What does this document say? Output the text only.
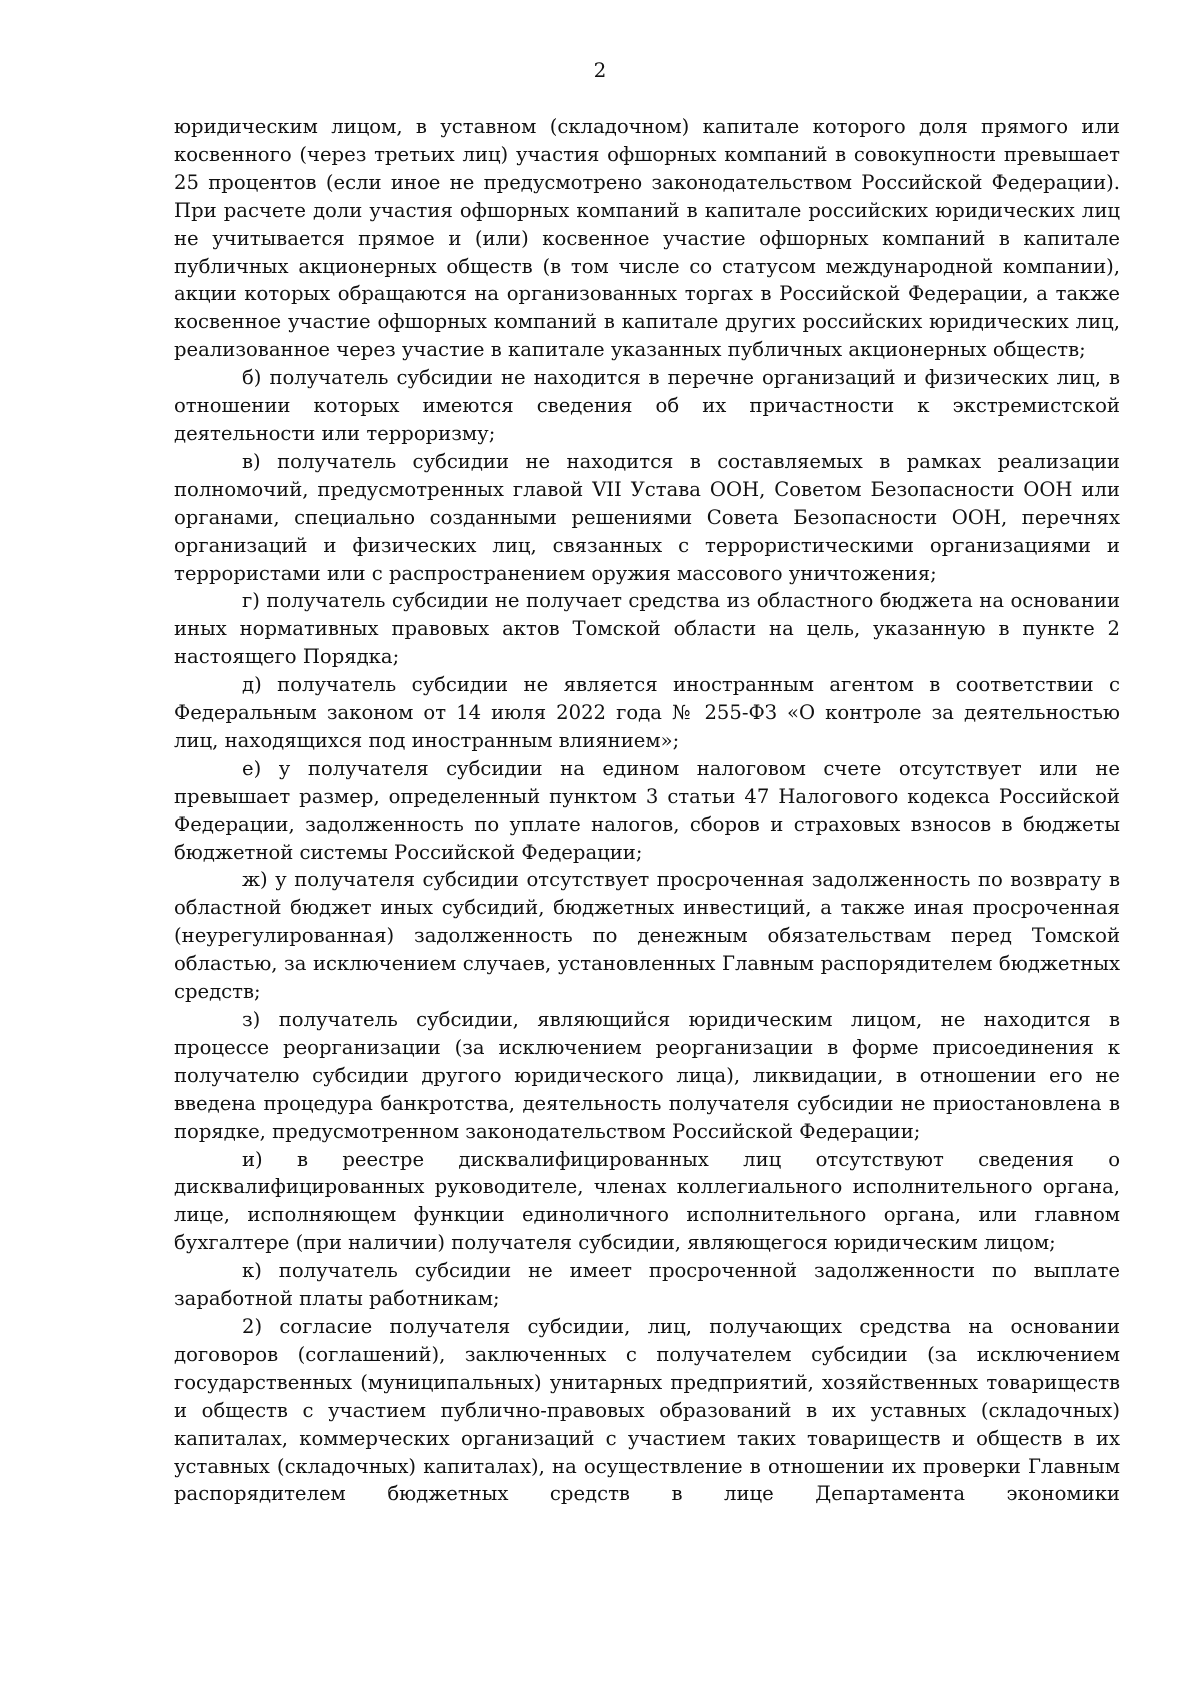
2

юридическим лицом, в уставном (складочном) капитале которого доля прямого или косвенного (через третьих лиц) участия офшорных компаний в совокупности превышает 25 процентов (если иное не предусмотрено законодательством Российской Федерации). При расчете доли участия офшорных компаний в капитале российских юридических лиц не учитывается прямое и (или) косвенное участие офшорных компаний в капитале публичных акционерных обществ (в том числе со статусом международной компании), акции которых обращаются на организованных торгах в Российской Федерации, а также косвенное участие офшорных компаний в капитале других российских юридических лиц, реализованное через участие в капитале указанных публичных акционерных обществ;

б) получатель субсидии не находится в перечне организаций и физических лиц, в отношении которых имеются сведения об их причастности к экстремистской деятельности или терроризму;

в) получатель субсидии не находится в составляемых в рамках реализации полномочий, предусмотренных главой VII Устава ООН, Советом Безопасности ООН или органами, специально созданными решениями Совета Безопасности ООН, перечнях организаций и физических лиц, связанных с террористическими организациями и террористами или с распространением оружия массового уничтожения;

г) получатель субсидии не получает средства из областного бюджета на основании иных нормативных правовых актов Томской области на цель, указанную в пункте 2 настоящего Порядка;

д) получатель субсидии не является иностранным агентом в соответствии с Федеральным законом от 14 июля 2022 года № 255-ФЗ «О контроле за деятельностью лиц, находящихся под иностранным влиянием»;

е) у получателя субсидии на едином налоговом счете отсутствует или не превышает размер, определенный пунктом 3 статьи 47 Налогового кодекса Российской Федерации, задолженность по уплате налогов, сборов и страховых взносов в бюджеты бюджетной системы Российской Федерации;

ж) у получателя субсидии отсутствует просроченная задолженность по возврату в областной бюджет иных субсидий, бюджетных инвестиций, а также иная просроченная (неурегулированная) задолженность по денежным обязательствам перед Томской областью, за исключением случаев, установленных Главным распорядителем бюджетных средств;

з) получатель субсидии, являющийся юридическим лицом, не находится в процессе реорганизации (за исключением реорганизации в форме присоединения к получателю субсидии другого юридического лица), ликвидации, в отношении его не введена процедура банкротства, деятельность получателя субсидии не приостановлена в порядке, предусмотренном законодательством Российской Федерации;

и) в реестре дисквалифицированных лиц отсутствуют сведения о дисквалифицированных руководителе, членах коллегиального исполнительного органа, лице, исполняющем функции единоличного исполнительного органа, или главном бухгалтере (при наличии) получателя субсидии, являющегося юридическим лицом;

к) получатель субсидии не имеет просроченной задолженности по выплате заработной платы работникам;

2) согласие получателя субсидии, лиц, получающих средства на основании договоров (соглашений), заключенных с получателем субсидии (за исключением государственных (муниципальных) унитарных предприятий, хозяйственных товариществ и обществ с участием публично-правовых образований в их уставных (складочных) капиталах, коммерческих организаций с участием таких товариществ и обществ в их уставных (складочных) капиталах), на осуществление в отношении их проверки Главным распорядителем бюджетных средств в лице Департамента экономики
